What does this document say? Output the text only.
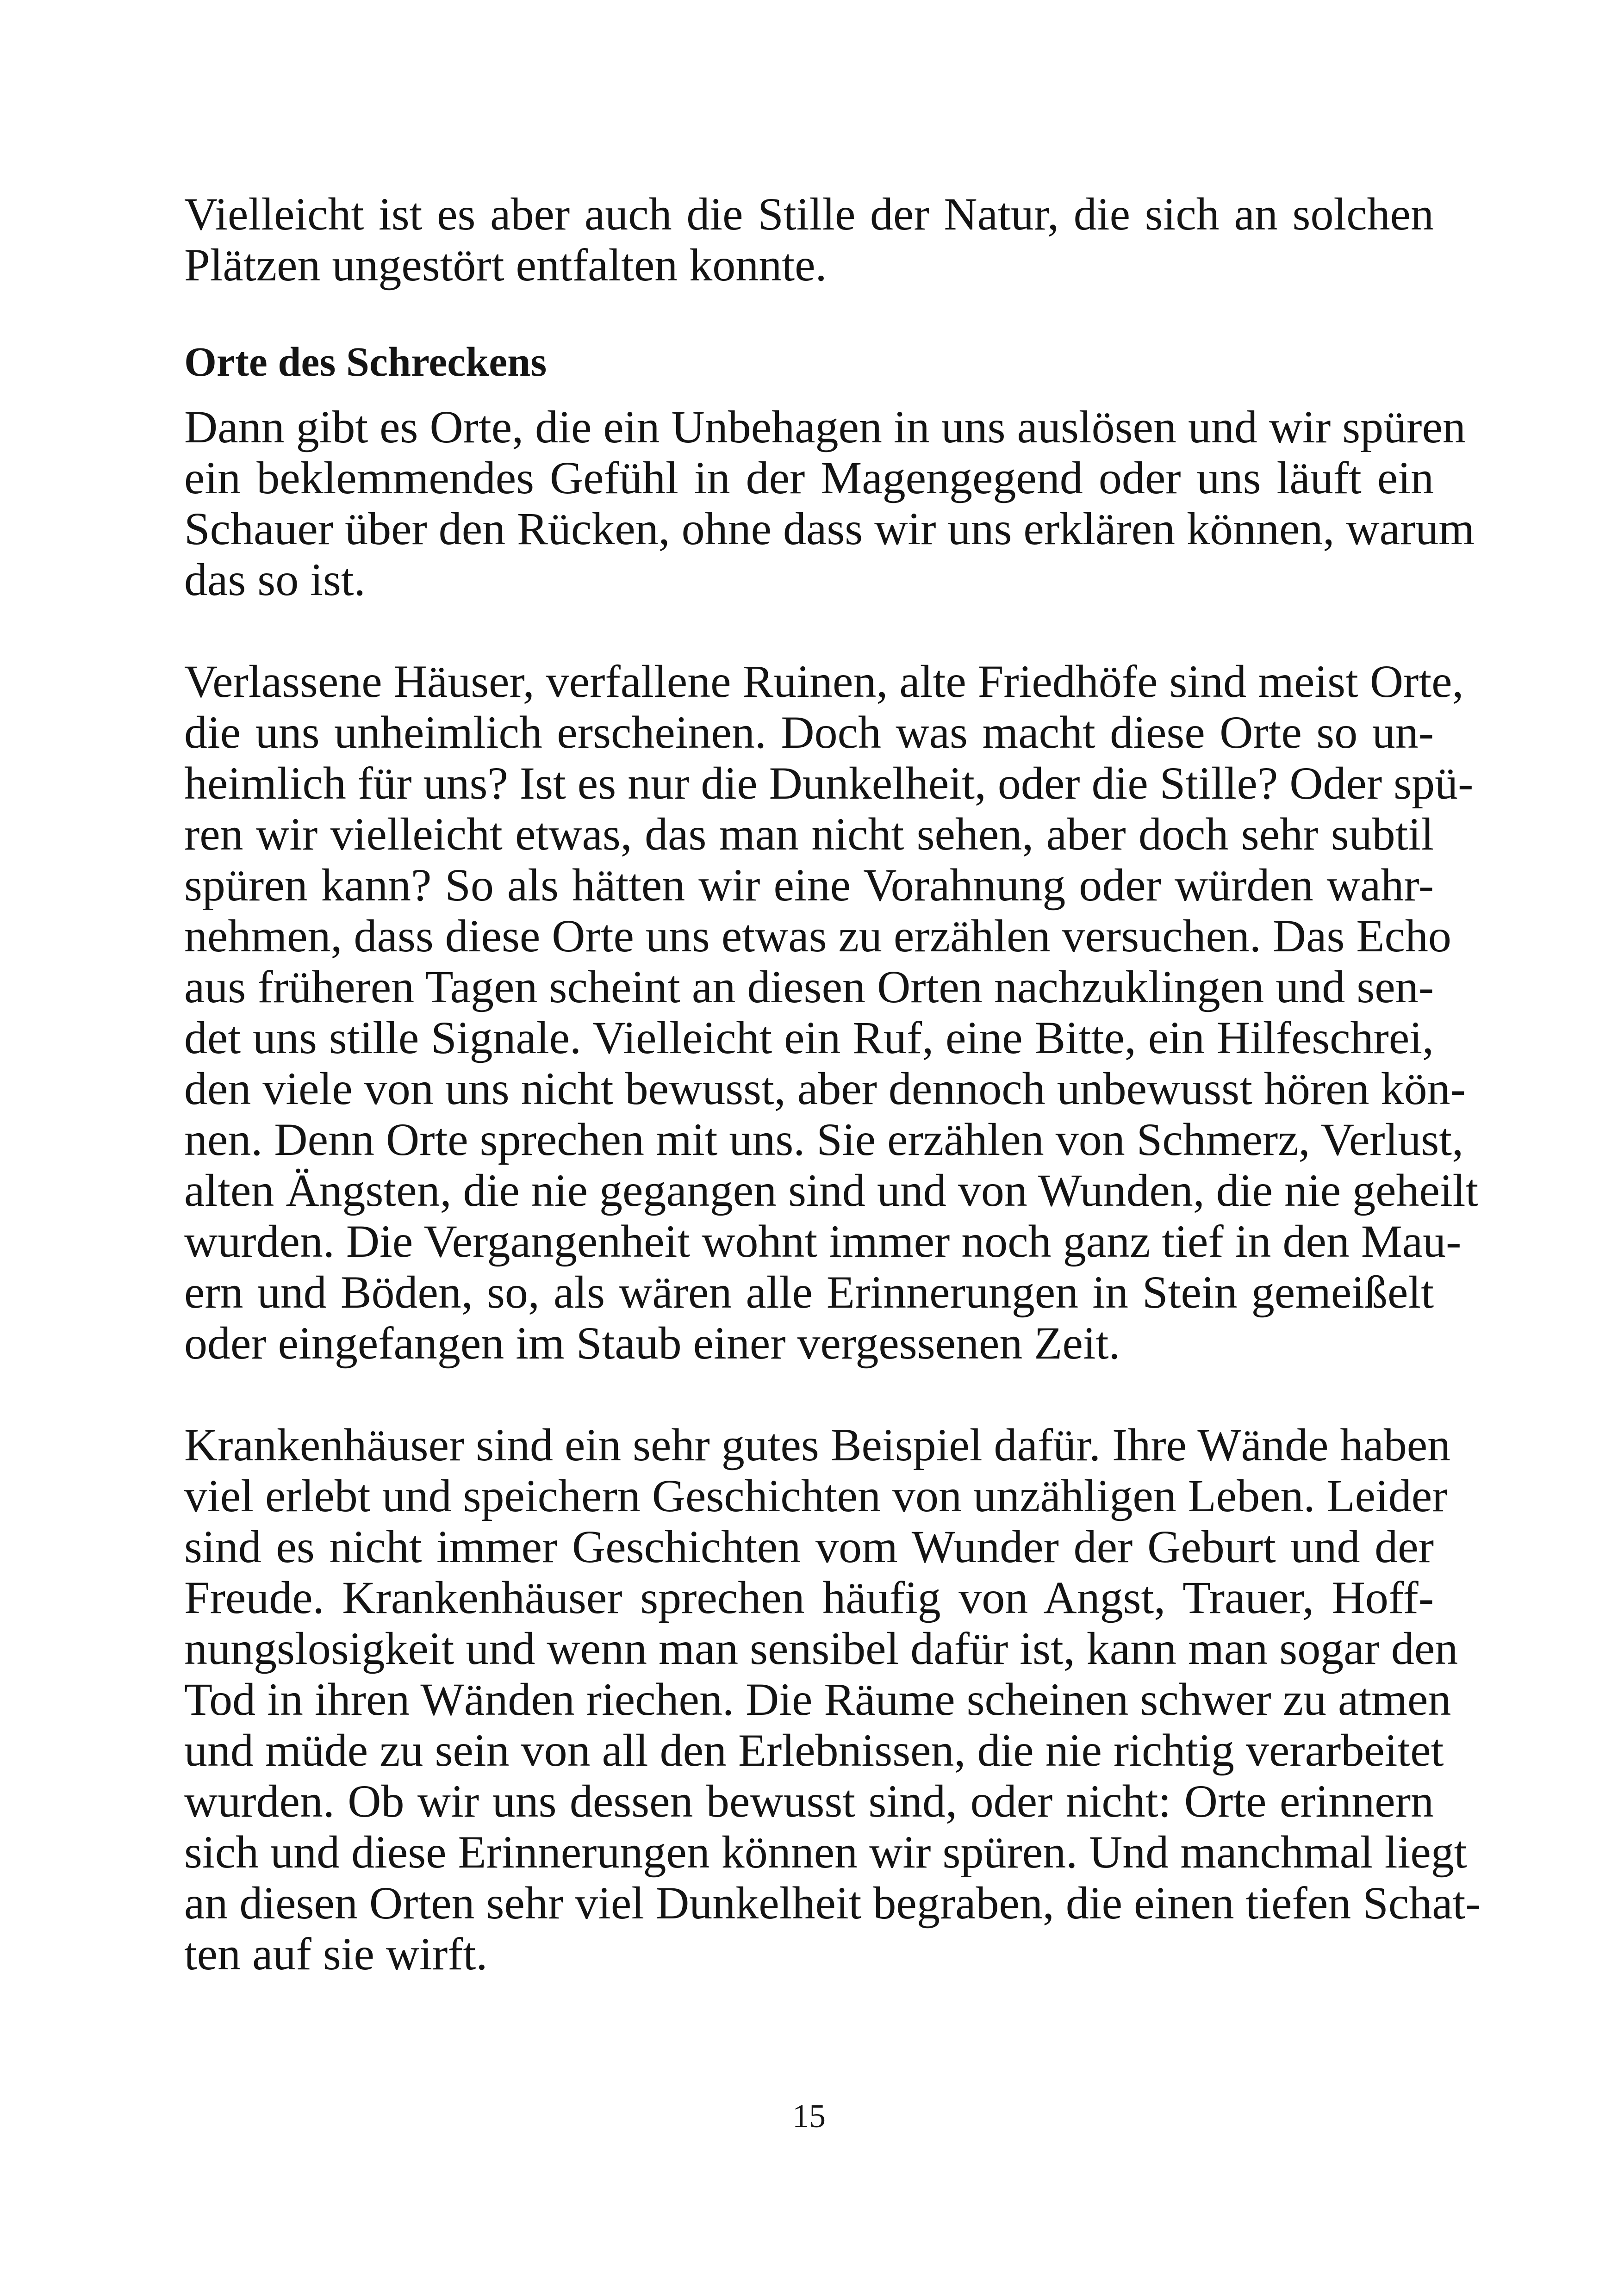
Vielleicht ist es aber auch die Stille der Natur, die sich an solchen
Plätzen ungestört entfalten konnte.
Orte des Schreckens
Dann gibt es Orte, die ein Unbehagen in uns auslösen und wir spüren
ein beklemmendes Gefühl in der Magengegend oder uns läuft ein
Schauer über den Rücken, ohne dass wir uns erklären können, warum
das so ist.
Verlassene Häuser, verfallene Ruinen, alte Friedhöfe sind meist Orte,
die uns unheimlich erscheinen. Doch was macht diese Orte so un-
heimlich für uns? Ist es nur die Dunkelheit, oder die Stille? Oder spü-
ren wir vielleicht etwas, das man nicht sehen, aber doch sehr subtil
spüren kann? So als hätten wir eine Vorahnung oder würden wahr-
nehmen, dass diese Orte uns etwas zu erzählen versuchen. Das Echo
aus früheren Tagen scheint an diesen Orten nachzuklingen und sen-
det uns stille Signale. Vielleicht ein Ruf, eine Bitte, ein Hilfeschrei,
den viele von uns nicht bewusst, aber dennoch unbewusst hören kön-
nen. Denn Orte sprechen mit uns. Sie erzählen von Schmerz, Verlust,
alten Ängsten, die nie gegangen sind und von Wunden, die nie geheilt
wurden. Die Vergangenheit wohnt immer noch ganz tief in den Mau-
ern und Böden, so, als wären alle Erinnerungen in Stein gemeißelt
oder eingefangen im Staub einer vergessenen Zeit.
Krankenhäuser sind ein sehr gutes Beispiel dafür. Ihre Wände haben
viel erlebt und speichern Geschichten von unzähligen Leben. Leider
sind es nicht immer Geschichten vom Wunder der Geburt und der
Freude. Krankenhäuser sprechen häufig von Angst, Trauer, Hoff-
nungslosigkeit und wenn man sensibel dafür ist, kann man sogar den
Tod in ihren Wänden riechen. Die Räume scheinen schwer zu atmen
und müde zu sein von all den Erlebnissen, die nie richtig verarbeitet
wurden. Ob wir uns dessen bewusst sind, oder nicht: Orte erinnern
sich und diese Erinnerungen können wir spüren. Und manchmal liegt
an diesen Orten sehr viel Dunkelheit begraben, die einen tiefen Schat-
ten auf sie wirft.
15
